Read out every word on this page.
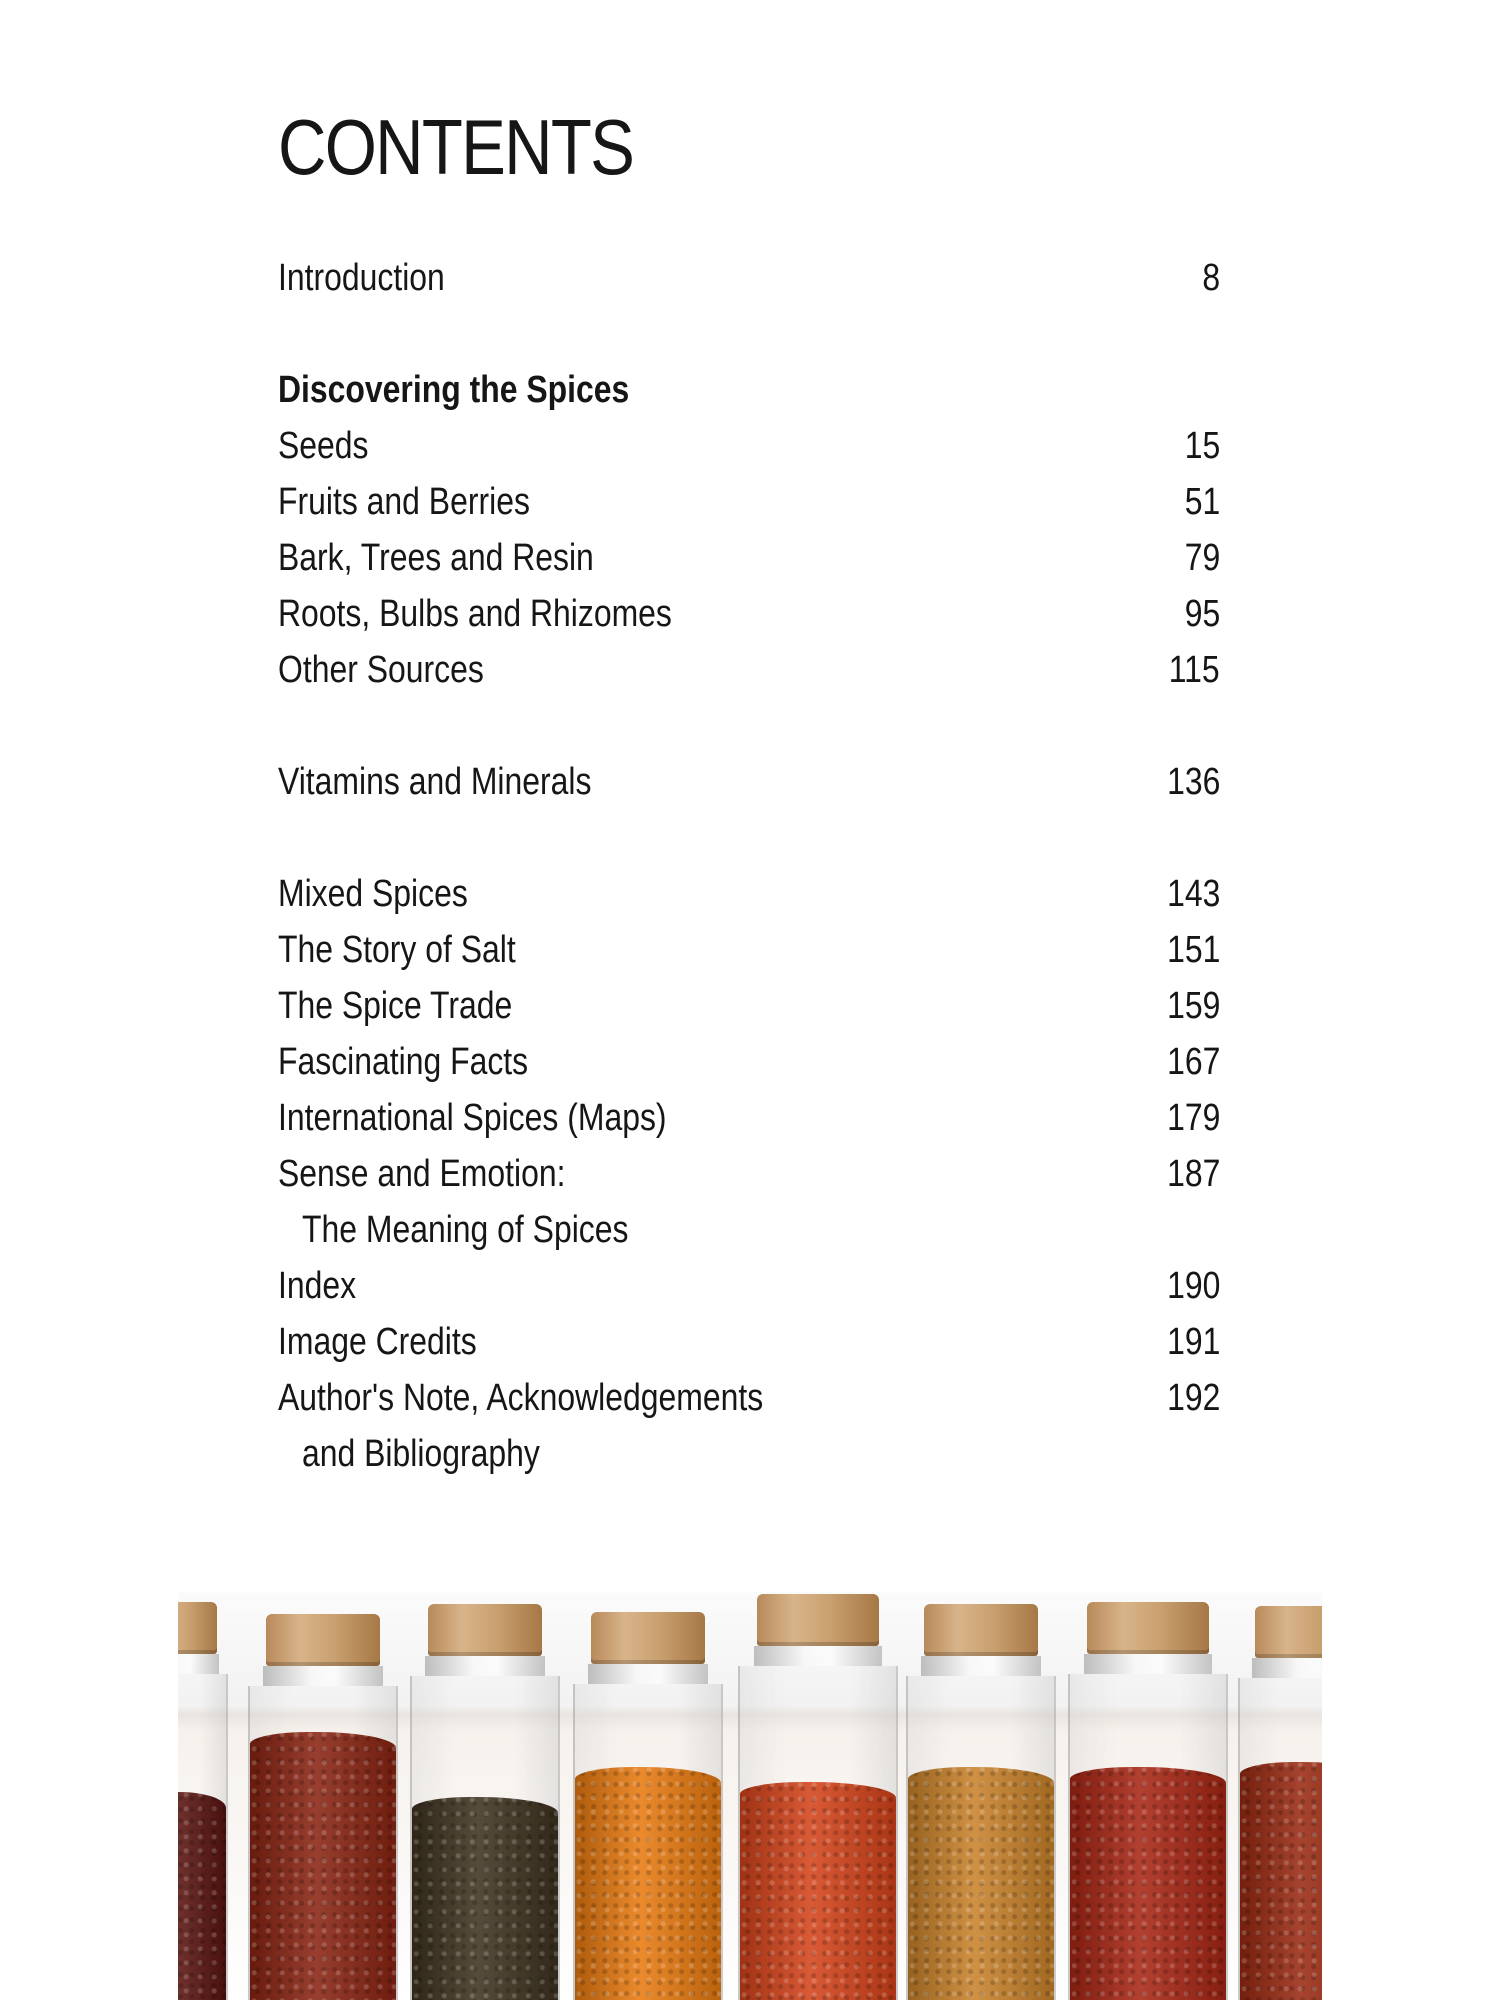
CONTENTS
Introduction	8
Discovering the Spices
Seeds	15
Fruits and Berries	51
Bark, Trees and Resin	79
Roots, Bulbs and Rhizomes	95
Other Sources	115
Vitamins and Minerals	136
Mixed Spices	143
The Story of Salt	151
The Spice Trade	159
Fascinating Facts	167
International Spices (Maps)	179
Sense and Emotion:	187
The Meaning of Spices
Index	190
Image Credits	191
Author's Note, Acknowledgements	192
and Bibliography
